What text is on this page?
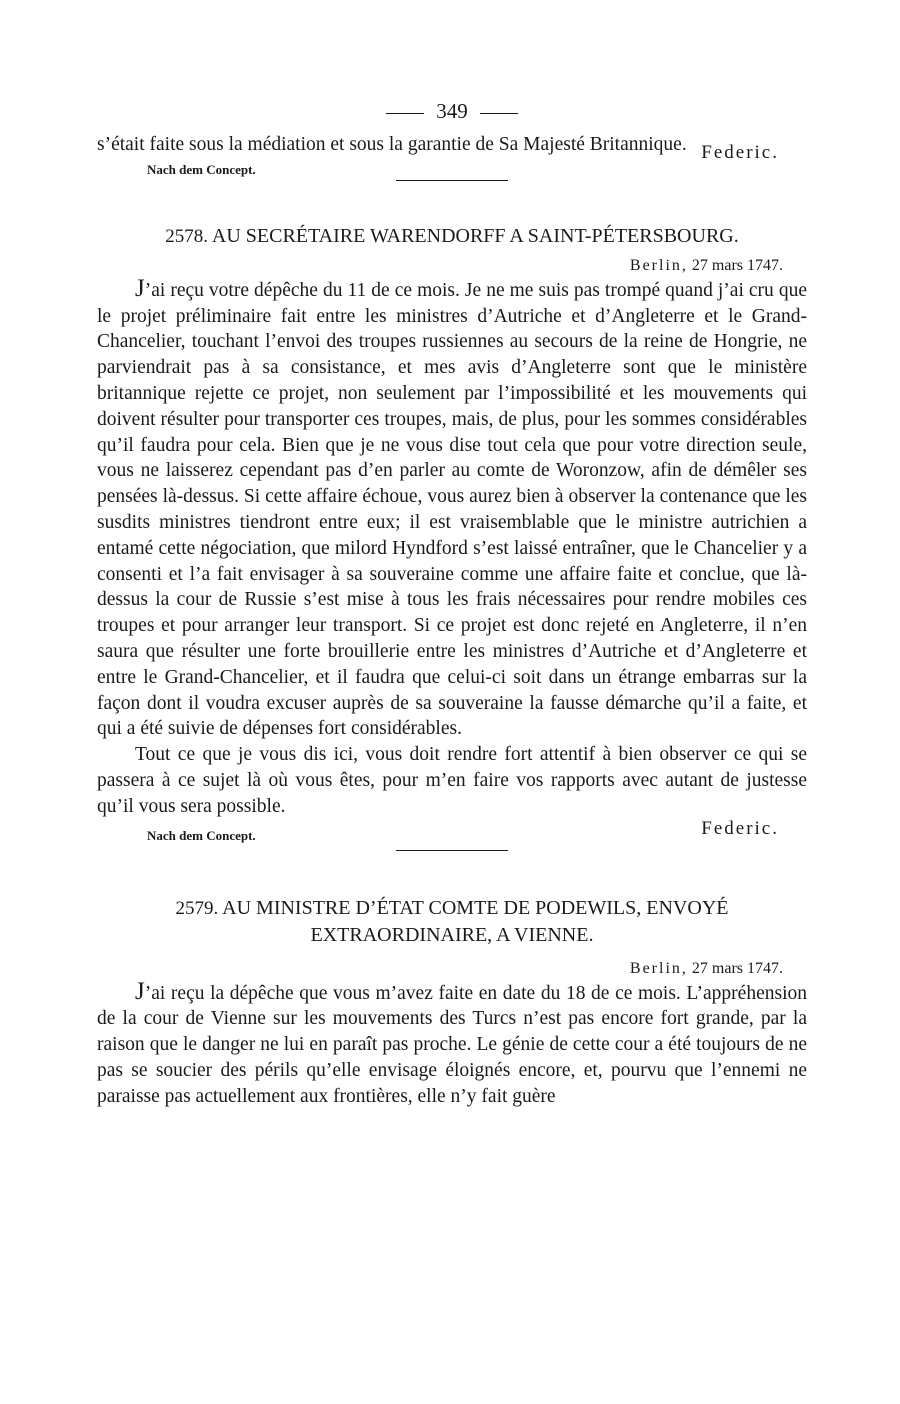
349

s’était faite sous la médiation et sous la garantie de Sa Majesté Britannique.

Nach dem Concept.
Federic.

2578. AU SECRÉTAIRE WARENDORFF A SAINT-PÉTERSBOURG.

Berlin, 27 mars 1747.

J’ai reçu votre dépêche du 11 de ce mois. Je ne me suis pas trompé quand j’ai cru que le projet préliminaire fait entre les ministres d’Autriche et d’Angleterre et le Grand-Chancelier, touchant l’envoi des troupes russiennes au secours de la reine de Hongrie, ne parviendrait pas à sa consistance, et mes avis d’Angleterre sont que le ministère britannique rejette ce projet, non seulement par l’impossibilité et les mouvements qui doivent résulter pour transporter ces troupes, mais, de plus, pour les sommes considérables qu’il faudra pour cela. Bien que je ne vous dise tout cela que pour votre direction seule, vous ne laisserez cependant pas d’en parler au comte de Woronzow, afin de démêler ses pensées là-dessus. Si cette affaire échoue, vous aurez bien à observer la contenance que les susdits ministres tiendront entre eux; il est vraisemblable que le ministre autrichien a entamé cette négociation, que milord Hyndford s’est laissé entraîner, que le Chancelier y a consenti et l’a fait envisager à sa souveraine comme une affaire faite et conclue, que là-dessus la cour de Russie s’est mise à tous les frais nécessaires pour rendre mobiles ces troupes et pour arranger leur transport. Si ce projet est donc rejeté en Angleterre, il n’en saura que résulter une forte brouillerie entre les ministres d’Autriche et d’Angleterre et entre le Grand-Chancelier, et il faudra que celui-ci soit dans un étrange embarras sur la façon dont il voudra excuser auprès de sa souveraine la fausse démarche qu’il a faite, et qui a été suivie de dépenses fort considérables.

Tout ce que je vous dis ici, vous doit rendre fort attentif à bien observer ce qui se passera à ce sujet là où vous êtes, pour m’en faire vos rapports avec autant de justesse qu’il vous sera possible.

Nach dem Concept.	Federic.

2579. AU MINISTRE D’ÉTAT COMTE DE PODEWILS, ENVOYÉ
EXTRAORDINAIRE, A VIENNE.

Berlin, 27 mars 1747.

J’ai reçu la dépêche que vous m’avez faite en date du 18 de ce mois. L’appréhension de la cour de Vienne sur les mouvements des Turcs n’est pas encore fort grande, par la raison que le danger ne lui en paraît pas proche. Le génie de cette cour a été toujours de ne pas se soucier des périls qu’elle envisage éloignés encore, et, pourvu que l’ennemi ne paraisse pas actuellement aux frontières, elle n’y fait guère
